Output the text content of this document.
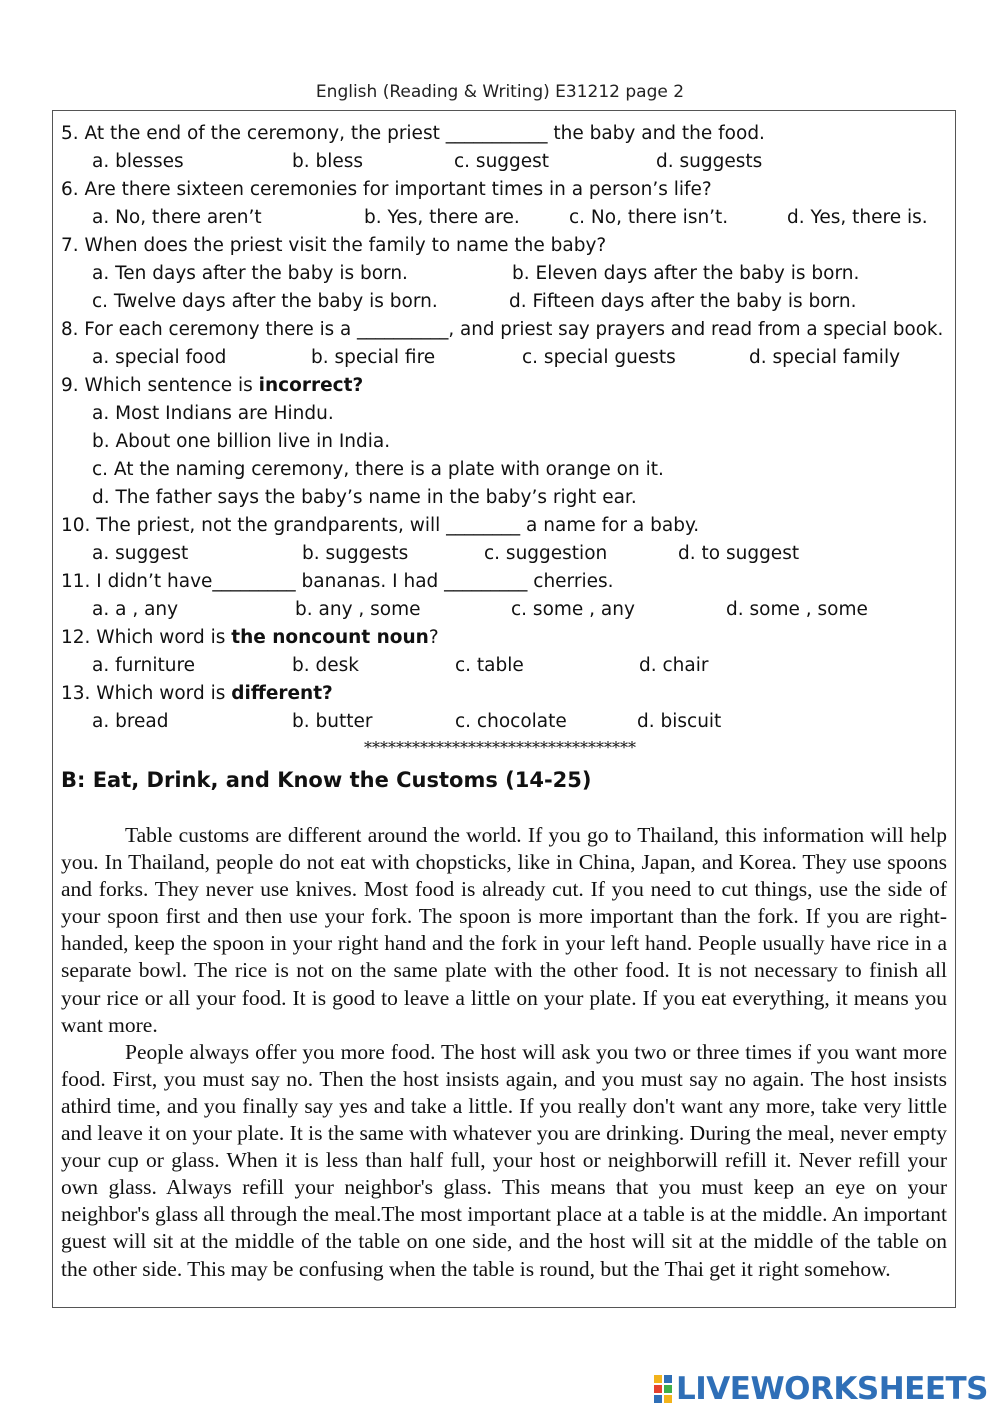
English (Reading & Writing) E31212 page 2
5. At the end of the ceremony, the priest ___________ the baby and the food.
a. blesses	b. bless	c. suggest	d. suggests
6. Are there sixteen ceremonies for important times in a person’s life?
a. No, there aren’t	b. Yes, there are.	c. No, there isn’t.	d. Yes, there is.
7. When does the priest visit the family to name the baby?
a. Ten days after the baby is born.	b. Eleven days after the baby is born.
c. Twelve days after the baby is born.	d. Fifteen days after the baby is born.
8. For each ceremony there is a __________, and priest say prayers and read from a special book.
a. special food	b. special fire	c. special guests	d. special family
9. Which sentence is incorrect?
a. Most Indians are Hindu.
b. About one billion live in India.
c. At the naming ceremony, there is a plate with orange on it.
d. The father says the baby’s name in the baby’s right ear.
10. The priest, not the grandparents, will ________ a name for a baby.
a. suggest	b. suggests	c. suggestion	d. to suggest
11. I didn’t have_________ bananas. I had _________ cherries.
a. a , any	b. any , some	c. some , any	d. some , some
12. Which word is the noncount noun?
a. furniture	b. desk	c. table	d. chair
13. Which word is different?
a. bread	b. butter	c. chocolate	d. biscuit
**********************************
B: Eat, Drink, and Know the Customs (14-25)

Table customs are different around the world. If you go to Thailand, this information will help you. In Thailand, people do not eat with chopsticks, like in China, Japan, and Korea. They use spoons and forks. They never use knives. Most food is already cut. If you need to cut things, use the side of your spoon first and then use your fork. The spoon is more important than the fork. If you are right-handed, keep the spoon in your right hand and the fork in your left hand. People usually have rice in a separate bowl. The rice is not on the same plate with the other food. It is not necessary to finish all your rice or all your food. It is good to leave a little on your plate. If you eat everything, it means you want more.

People always offer you more food. The host will ask you two or three times if you want more food. First, you must say no. Then the host insists again, and you must say no again. The host insists athird time, and you finally say yes and take a little. If you really don't want any more, take very little and leave it on your plate. It is the same with whatever you are drinking. During the meal, never empty your cup or glass. When it is less than half full, your host or neighborwill refill it. Never refill your own glass. Always refill your neighbor's glass. This means that you must keep an eye on your neighbor's glass all through the meal.The most important place at a table is at the middle. An important guest will sit at the middle of the table on one side, and the host will sit at the middle of the table on the other side. This may be confusing when the table is round, but the Thai get it right somehow.

LIVEWORKSHEETS
